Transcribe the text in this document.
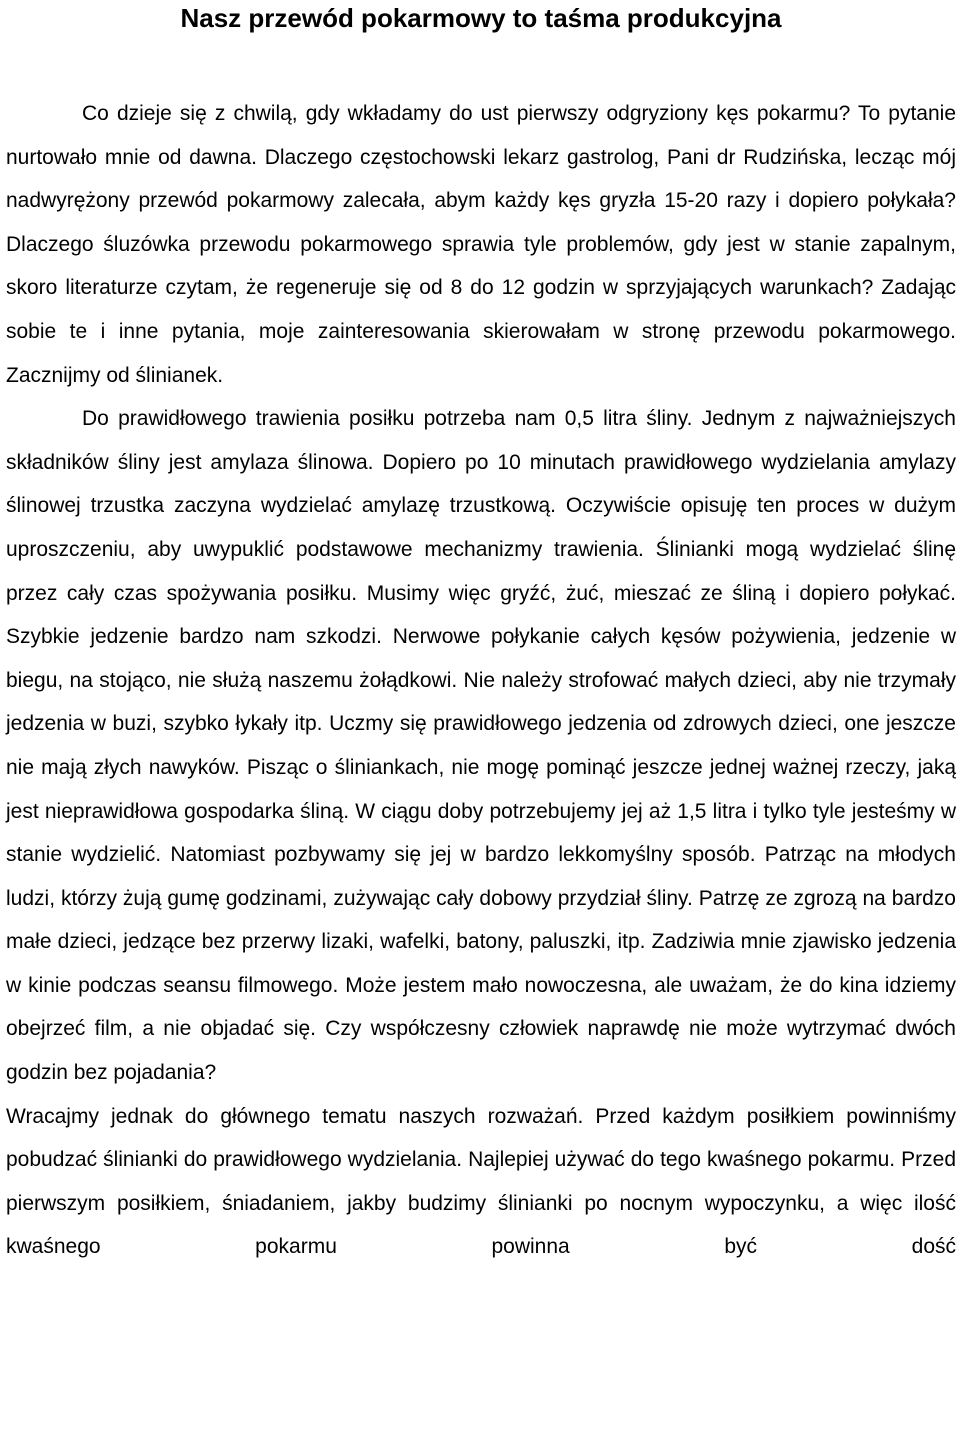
Nasz przewód pokarmowy to taśma produkcyjna

Co dzieje się z chwilą, gdy wkładamy do ust pierwszy odgryziony kęs pokarmu? To pytanie nurtowało mnie od dawna. Dlaczego częstochowski lekarz gastrolog, Pani dr Rudzińska, lecząc mój nadwyrężony przewód pokarmowy zalecała, abym każdy kęs gryzła 15-20 razy i dopiero połykała? Dlaczego śluzówka przewodu pokarmowego sprawia tyle problemów, gdy jest w stanie zapalnym, skoro literaturze czytam, że regeneruje się od 8 do 12 godzin w sprzyjających warunkach? Zadając sobie te i inne pytania, moje zainteresowania skierowałam w stronę przewodu pokarmowego. Zacznijmy od ślinianek.

Do prawidłowego trawienia posiłku potrzeba nam 0,5 litra śliny. Jednym z najważniejszych składników śliny jest amylaza ślinowa. Dopiero po 10 minutach prawidłowego wydzielania amylazy ślinowej trzustka zaczyna wydzielać amylazę trzustkową. Oczywiście opisuję ten proces w dużym uproszczeniu, aby uwypuklić podstawowe mechanizmy trawienia. Ślinianki mogą wydzielać ślinę przez cały czas spożywania posiłku. Musimy więc gryźć, żuć, mieszać ze śliną i dopiero połykać. Szybkie jedzenie bardzo nam szkodzi. Nerwowe połykanie całych kęsów pożywienia, jedzenie w biegu, na stojąco, nie służą naszemu żołądkowi. Nie należy strofować małych dzieci, aby nie trzymały jedzenia w buzi, szybko łykały itp. Uczmy się prawidłowego jedzenia od zdrowych dzieci, one jeszcze nie mają złych nawyków. Pisząc o śliniankach, nie mogę pominąć jeszcze jednej ważnej rzeczy, jaką jest nieprawidłowa gospodarka śliną. W ciągu doby potrzebujemy jej aż 1,5 litra i tylko tyle jesteśmy w stanie wydzielić. Natomiast pozbywamy się jej w bardzo lekkomyślny sposób. Patrząc na młodych ludzi, którzy żują gumę godzinami, zużywając cały dobowy przydział śliny. Patrzę ze zgrozą na bardzo małe dzieci, jedzące bez przerwy lizaki, wafelki, batony, paluszki, itp. Zadziwia mnie zjawisko jedzenia w kinie podczas seansu filmowego. Może jestem mało nowoczesna, ale uważam, że do kina idziemy obejrzeć film, a nie objadać się. Czy współczesny człowiek naprawdę nie może wytrzymać dwóch godzin bez pojadania?

Wracajmy jednak do głównego tematu naszych rozważań. Przed każdym posiłkiem powinniśmy pobudzać ślinianki do prawidłowego wydzielania. Najlepiej używać do tego kwaśnego pokarmu. Przed pierwszym posiłkiem, śniadaniem, jakby budzimy ślinianki po nocnym wypoczynku, a więc ilość kwaśnego pokarmu powinna być dość
